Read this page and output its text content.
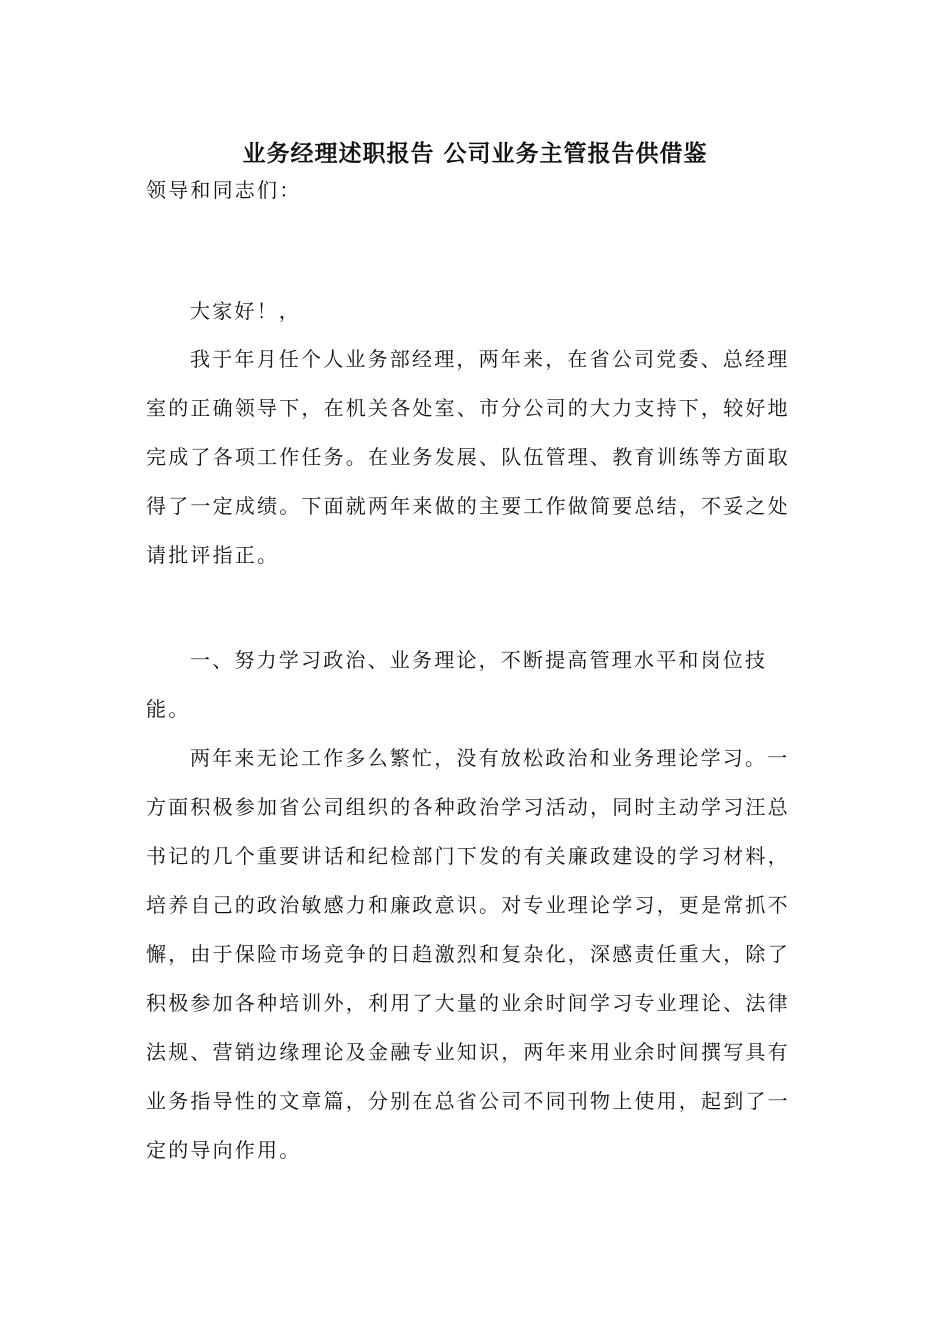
业务经理述职报告 公司业务主管报告供借鉴

领导和同志们：

大家好！，

我于年月任个人业务部经理，两年来，在省公司党委、总经理
室的正确领导下，在机关各处室、市分公司的大力支持下，较好地
完成了各项工作任务。在业务发展、队伍管理、教育训练等方面取
得了一定成绩。下面就两年来做的主要工作做简要总结，不妥之处
请批评指正。

一、努力学习政治、业务理论，不断提高管理水平和岗位技能。

两年来无论工作多么繁忙，没有放松政治和业务理论学习。一
方面积极参加省公司组织的各种政治学习活动，同时主动学习汪总
书记的几个重要讲话和纪检部门下发的有关廉政建设的学习材料，
培养自己的政治敏感力和廉政意识。对专业理论学习，更是常抓不
懈，由于保险市场竞争的日趋激烈和复杂化，深感责任重大，除了
积极参加各种培训外，利用了大量的业余时间学习专业理论、法律
法规、营销边缘理论及金融专业知识，两年来用业余时间撰写具有
业务指导性的文章篇，分别在总省公司不同刊物上使用，起到了一
定的导向作用。
